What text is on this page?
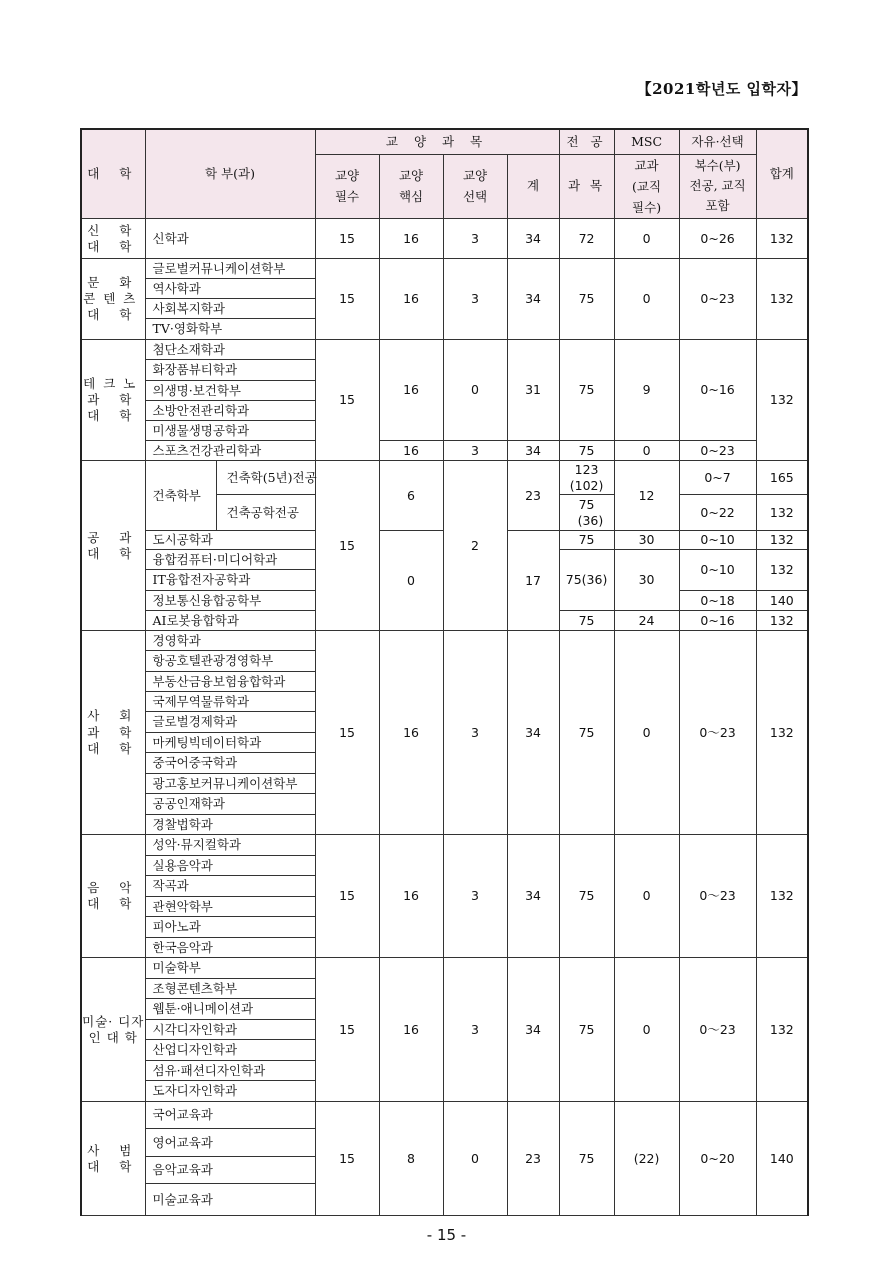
【2021학년도 입학자】
대 학	학 부(과)		교 양 과 목				전 공	MSC	자유·선택	합계
			교양 필수	교양 핵심	교양 선택	계	과 목	교과 (교직 필수)	복수(부) 전공, 교직포함	
신 학 대 학	신학과		15	16	3	34	72	0	0~26	132
문 화 콘텐츠 대 학	글로벌커뮤니케이션학부		15	16	3	34	75	0	0~23	132
	역사학과									
	사회복지학과									
	TV·영화학부									
테크노 과 학 대 학	첨단소재학과		15	16	0	31	75	9	0~16	132
	화장품뷰티학과									
	의생명·보건학부									
	소방안전관리학과									
	미생물생명공학과									
	스포츠건강관리학과			16	3	34	75	0	0~23	
공 과 대 학	건축학부	건축학(5년)전공	15	6	2	23	123 (102)	12	0~7	165
		건축공학전공					75 (36)		0~22	132
	도시공학과			0		17	75	30	0~10	132
	융합컴퓨터·미디어학과						75(36)	30	0~10	132
	IT융합전자공학과									
	정보통신융합공학부								0~18	140
	AI로봇융합학과						75	24	0~16	132
사 회 과 학 대 학	경영학과		15	16	3	34	75	0	0～23	132
	항공호텔관광경영학부									
	부동산금융보험융합학과									
	국제무역물류학과									
	글로벌경제학과									
	마케팅빅데이터학과									
	중국어중국학과									
	광고홍보커뮤니케이션학부									
	공공인재학과									
	경찰법학과									
음 악 대 학	성악·뮤지컬학과		15	16	3	34	75	0	0～23	132
	실용음악과									
	작곡과									
	관현악학부									
	피아노과									
	한국음악과									
미술· 디자인 대 학	미술학부		15	16	3	34	75	0	0～23	132
	조형콘텐츠학부									
	웹툰·애니메이션과									
	시각디자인학과									
	산업디자인학과									
	섬유·패션디자인학과									
	도자디자인학과									
사 범 대 학	국어교육과		15	8	0	23	75	(22)	0~20	140
	영어교육과									
	음악교육과									
	미술교육과									
- 15 -
